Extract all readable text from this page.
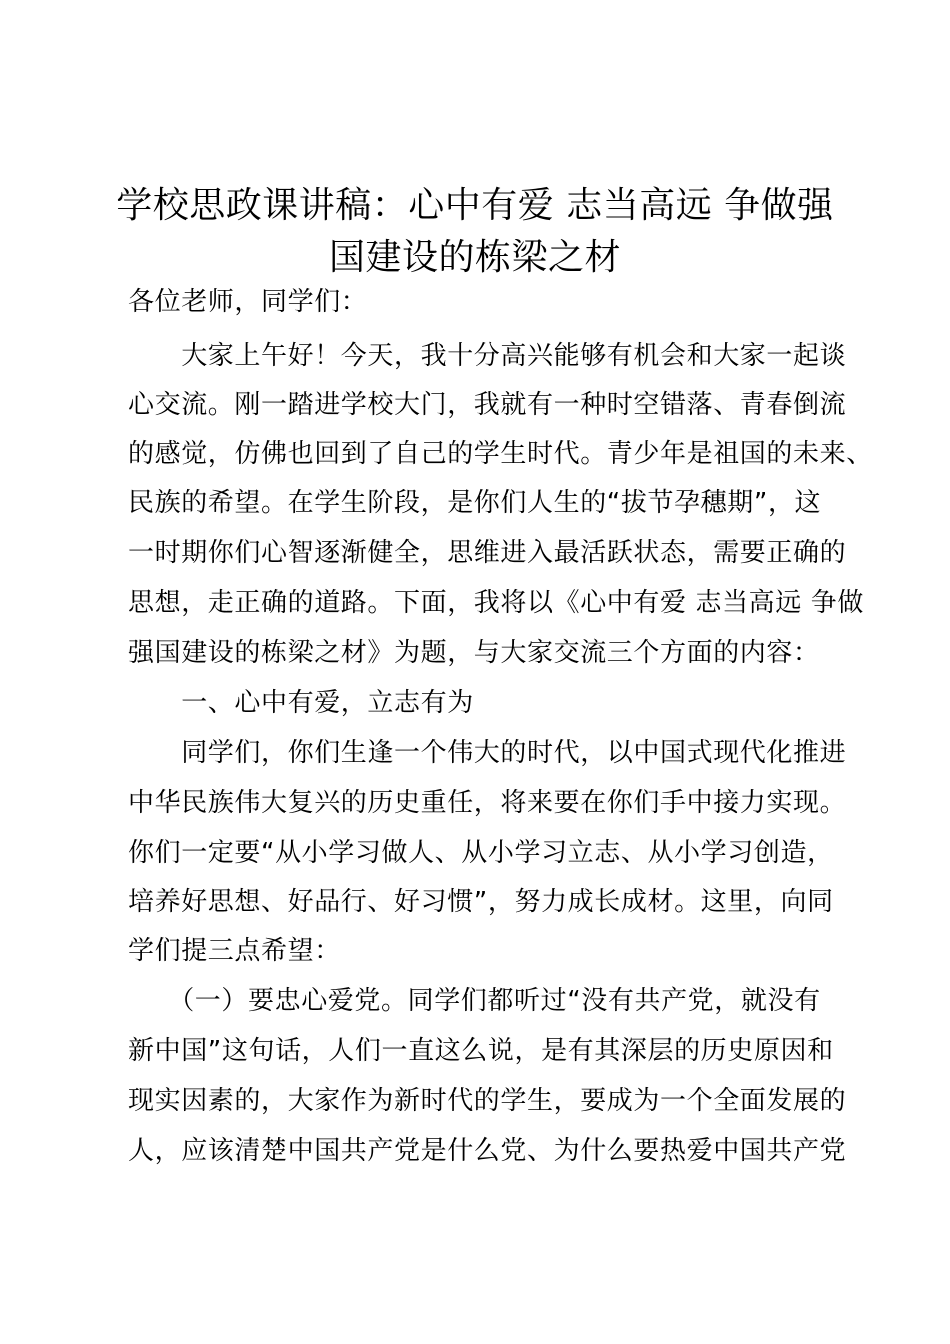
学校思政课讲稿：心中有爱 志当高远 争做强
国建设的栋梁之材
各位老师，同学们：
　　大家上午好！今天，我十分高兴能够有机会和大家一起谈
心交流。刚一踏进学校大门，我就有一种时空错落、青春倒流
的感觉，仿佛也回到了自己的学生时代。青少年是祖国的未来、
民族的希望。在学生阶段，是你们人生的“拔节孕穗期”，这
一时期你们心智逐渐健全，思维进入最活跃状态，需要正确的
思想，走正确的道路。下面，我将以《心中有爱 志当高远 争做
强国建设的栋梁之材》为题，与大家交流三个方面的内容：
　　一、心中有爱，立志有为
　　同学们，你们生逢一个伟大的时代，以中国式现代化推进
中华民族伟大复兴的历史重任，将来要在你们手中接力实现。
你们一定要“从小学习做人、从小学习立志、从小学习创造，
培养好思想、好品行、好习惯”，努力成长成材。这里，向同
学们提三点希望：
　　（一）要忠心爱党。同学们都听过“没有共产党，就没有
新中国”这句话，人们一直这么说，是有其深层的历史原因和
现实因素的，大家作为新时代的学生，要成为一个全面发展的
人，应该清楚中国共产党是什么党、为什么要热爱中国共产党
